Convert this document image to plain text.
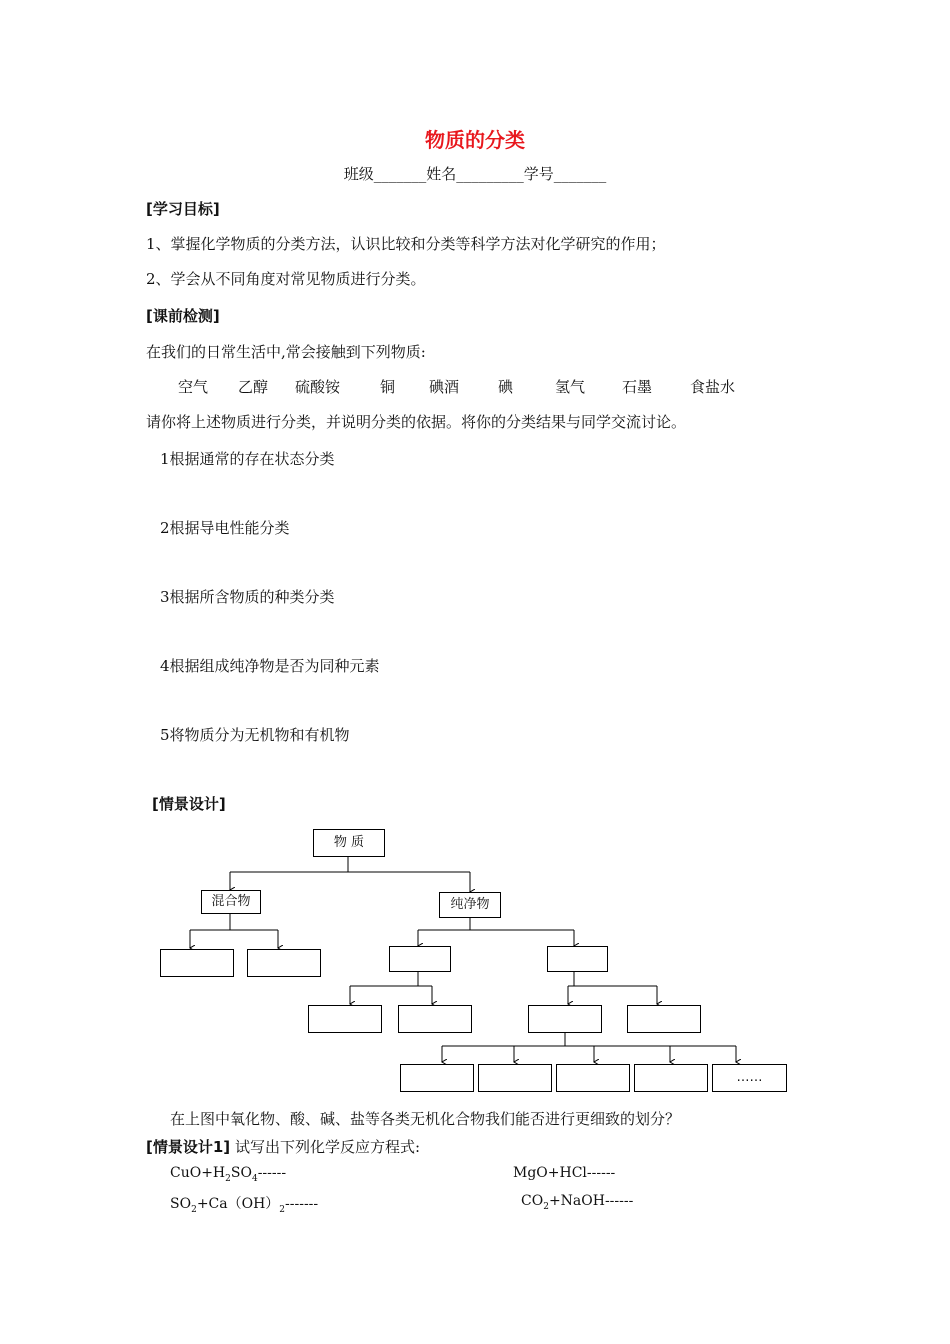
物质的分类
班级_______姓名_________学号_______
[学习目标]
1、掌握化学物质的分类方法，认识比较和分类等科学方法对化学研究的作用；
2、学会从不同角度对常见物质进行分类。
[课前检测]
在我们的日常生活中,常会接触到下列物质:
空气 乙醇 硫酸铵	铜 碘酒	碘	氢气 石墨	食盐水
请你将上述物质进行分类，并说明分类的依据。将你的分类结果与同学交流讨论。
1根据通常的存在状态分类
2根据导电性能分类
3根据所含物质的种类分类
4根据组成纯净物是否为同种元素
5将物质分为无机物和有机物
[情景设计]
物 质
混合物	纯净物
……
在上图中氧化物、酸、碱、盐等各类无机化合物我们能否进行更细致的划分？
[情景设计1] 试写出下列化学反应方程式:
$CuO+H_2SO_4------$	MgO+HCl------
$SO_2+Ca(OH)_2-------$	$CO_2+NaOH------$
